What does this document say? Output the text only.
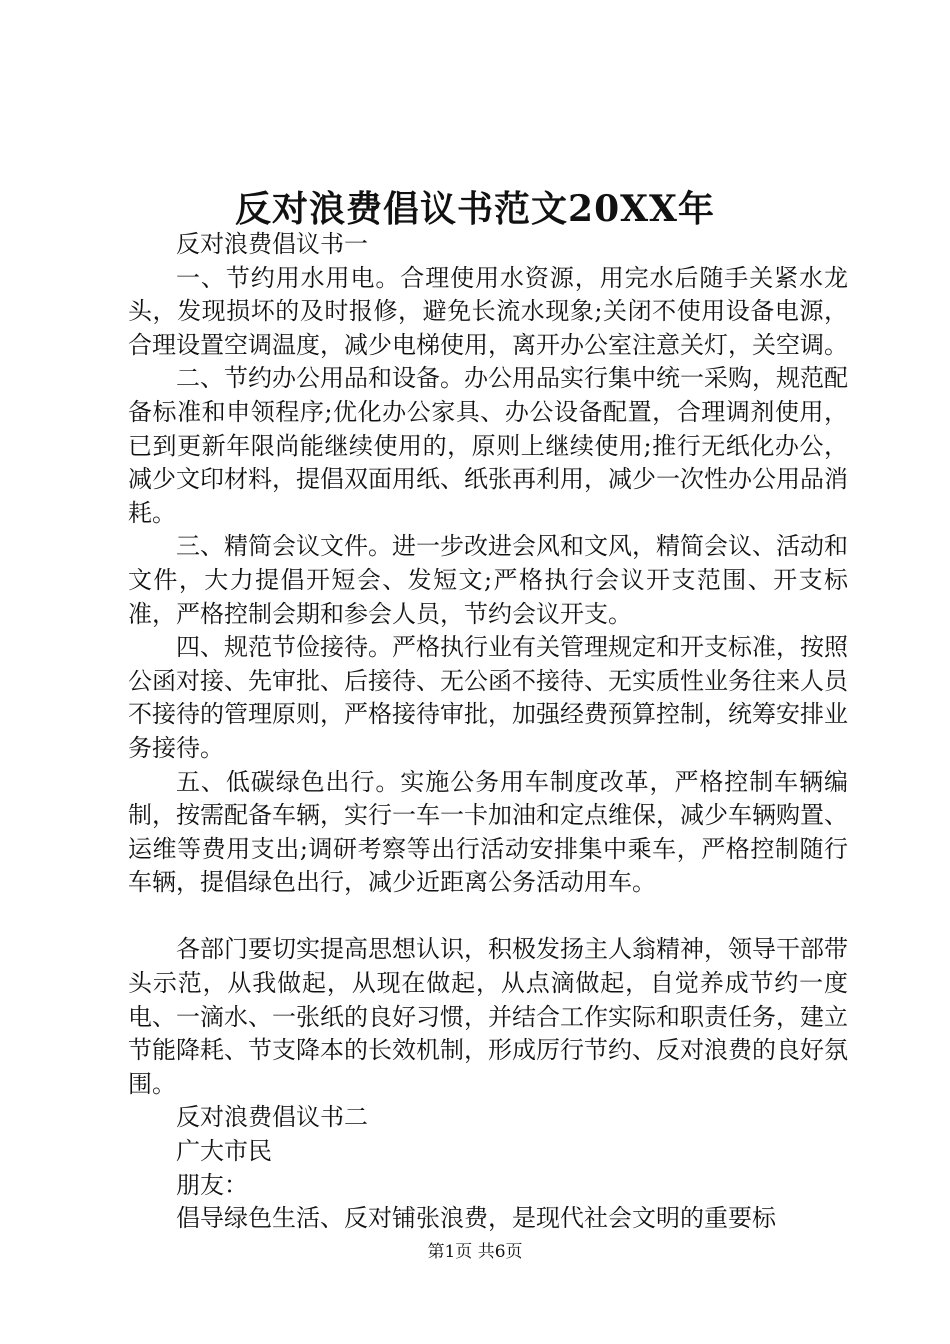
反对浪费倡议书范文20XX年

反对浪费倡议书一

一、节约用水用电。合理使用水资源，用完水后随手关紧水龙头，发现损坏的及时报修，避免长流水现象;关闭不使用设备电源，合理设置空调温度，减少电梯使用，离开办公室注意关灯，关空调。

二、节约办公用品和设备。办公用品实行集中统一采购，规范配备标准和申领程序;优化办公家具、办公设备配置，合理调剂使用，已到更新年限尚能继续使用的，原则上继续使用;推行无纸化办公，减少文印材料，提倡双面用纸、纸张再利用，减少一次性办公用品消耗。

三、精简会议文件。进一步改进会风和文风，精简会议、活动和文件，大力提倡开短会、发短文;严格执行会议开支范围、开支标准，严格控制会期和参会人员，节约会议开支。

四、规范节俭接待。严格执行业有关管理规定和开支标准，按照公函对接、先审批、后接待、无公函不接待、无实质性业务往来人员不接待的管理原则，严格接待审批，加强经费预算控制，统筹安排业务接待。

五、低碳绿色出行。实施公务用车制度改革，严格控制车辆编制，按需配备车辆，实行一车一卡加油和定点维保，减少车辆购置、运维等费用支出;调研考察等出行活动安排集中乘车，严格控制随行车辆，提倡绿色出行，减少近距离公务活动用车。

各部门要切实提高思想认识，积极发扬主人翁精神，领导干部带头示范，从我做起，从现在做起，从点滴做起，自觉养成节约一度电、一滴水、一张纸的良好习惯，并结合工作实际和职责任务，建立节能降耗、节支降本的长效机制，形成厉行节约、反对浪费的良好氛围。

反对浪费倡议书二

广大市民

朋友：

倡导绿色生活、反对铺张浪费，是现代社会文明的重要标

第1页 共6页
